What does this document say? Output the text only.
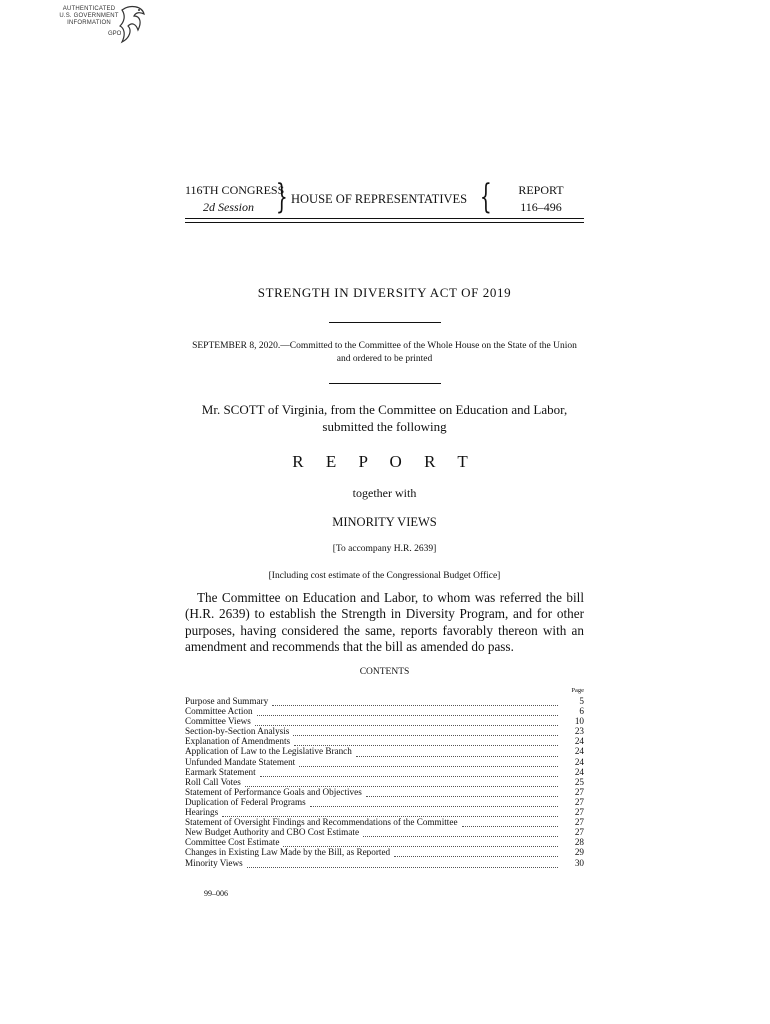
AUTHENTICATED
U.S. GOVERNMENT
INFORMATION
GPO
116TH CONGRESS
2d Session } HOUSE OF REPRESENTATIVES {	REPORT
116–496
STRENGTH IN DIVERSITY ACT OF 2019
SEPTEMBER 8, 2020.—Committed to the Committee of the Whole House on the State of the Union and ordered to be printed
Mr. SCOTT of Virginia, from the Committee on Education and Labor, submitted the following
R E P O R T
together with
MINORITY VIEWS
[To accompany H.R. 2639]
[Including cost estimate of the Congressional Budget Office]
The Committee on Education and Labor, to whom was referred the bill (H.R. 2639) to establish the Strength in Diversity Program, and for other purposes, having considered the same, reports favorably thereon with an amendment and recommends that the bill as amended do pass.
CONTENTS
Page
Purpose and Summary	5
Committee Action	6
Committee Views	10
Section-by-Section Analysis	23
Explanation of Amendments	24
Application of Law to the Legislative Branch	24
Unfunded Mandate Statement	24
Earmark Statement	24
Roll Call Votes	25
Statement of Performance Goals and Objectives	27
Duplication of Federal Programs	27
Hearings	27
Statement of Oversight Findings and Recommendations of the Committee	27
New Budget Authority and CBO Cost Estimate	27
Committee Cost Estimate	28
Changes in Existing Law Made by the Bill, as Reported	29
Minority Views	30
99–006
